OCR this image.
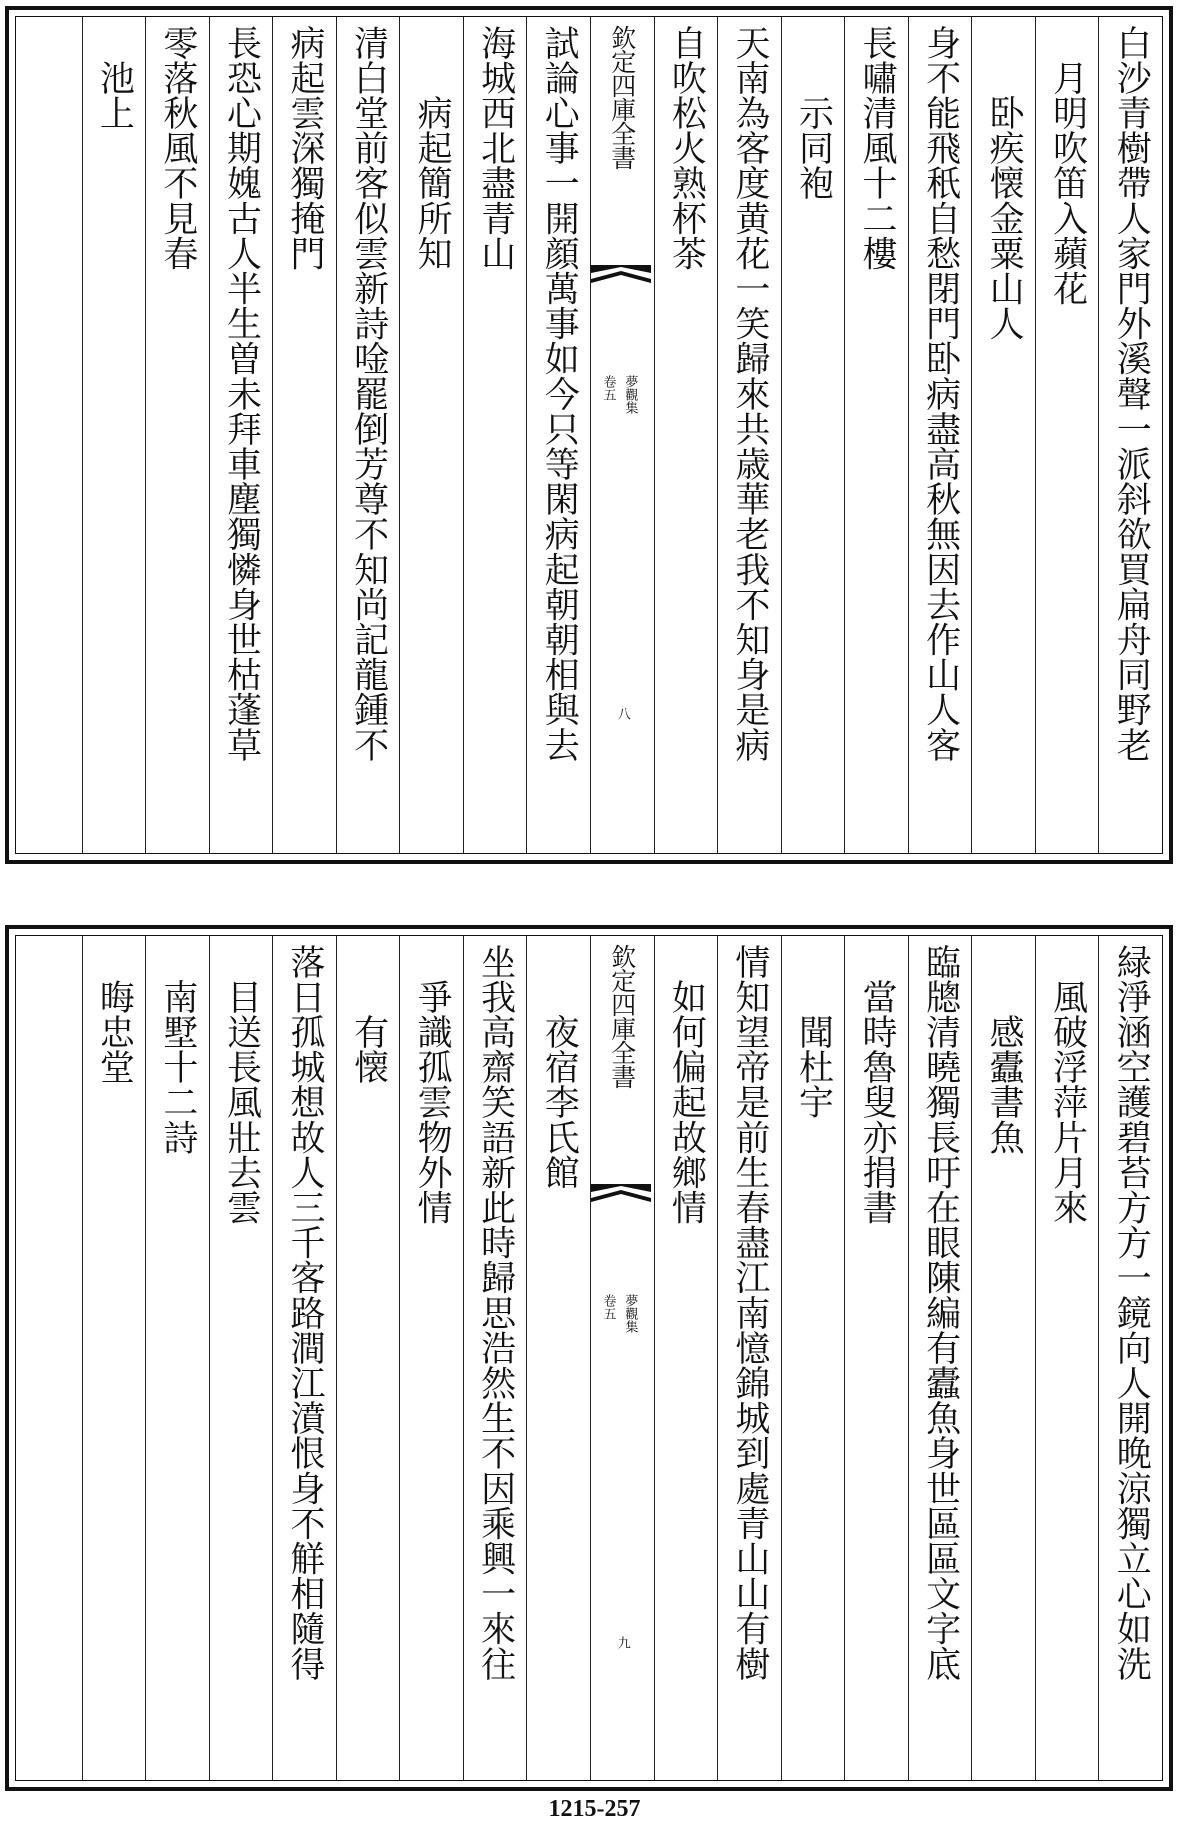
白沙青樹帶人家門外溪聲一派斜欲買扁舟同野老
　月明吹笛入蘋花
　　卧疾懐金粟山人
身不能飛秖自愁閉門卧病盡高秋無因去作山人客
長嘯清風十二樓
　　示同袍
天南為客度黄花一笑歸來共歳華老我不知身是病
自吹松火熟杯茶
欽定四庫全書
夢觀集
卷五
八
試論心事一開顔萬事如今只等閑病起朝朝相與去
海城西北盡青山
　　病起簡所知
清白堂前客似雲新詩唫罷倒芳尊不知尚記龍鍾不
病起雲深獨掩門
長恐心期媿古人半生曽未拜車塵獨憐身世枯蓬草
零落秋風不見春
　池上
緑淨涵空護碧苔方方一鏡向人開晚涼獨立心如洗
　風破浮萍片月來
　　感蠹書魚
臨牕清曉獨長吁在眼陳編有蠹魚身世區區文字底
　當時魯叟亦捐書
　　聞杜宇
情知望帝是前生春盡江南憶錦城到處青山山有樹
　如何偏起故鄉情
欽定四庫全書
夢觀集
卷五
九
　　夜宿李氏館
坐我高齋笑語新此時歸思浩然生不因乘興一來往
　爭識孤雲物外情
　　有懐
落日孤城想故人三千客路澗江濆恨身不觧相隨得
　目送長風壯去雲
　南墅十二詩
　晦忠堂
1215-257
